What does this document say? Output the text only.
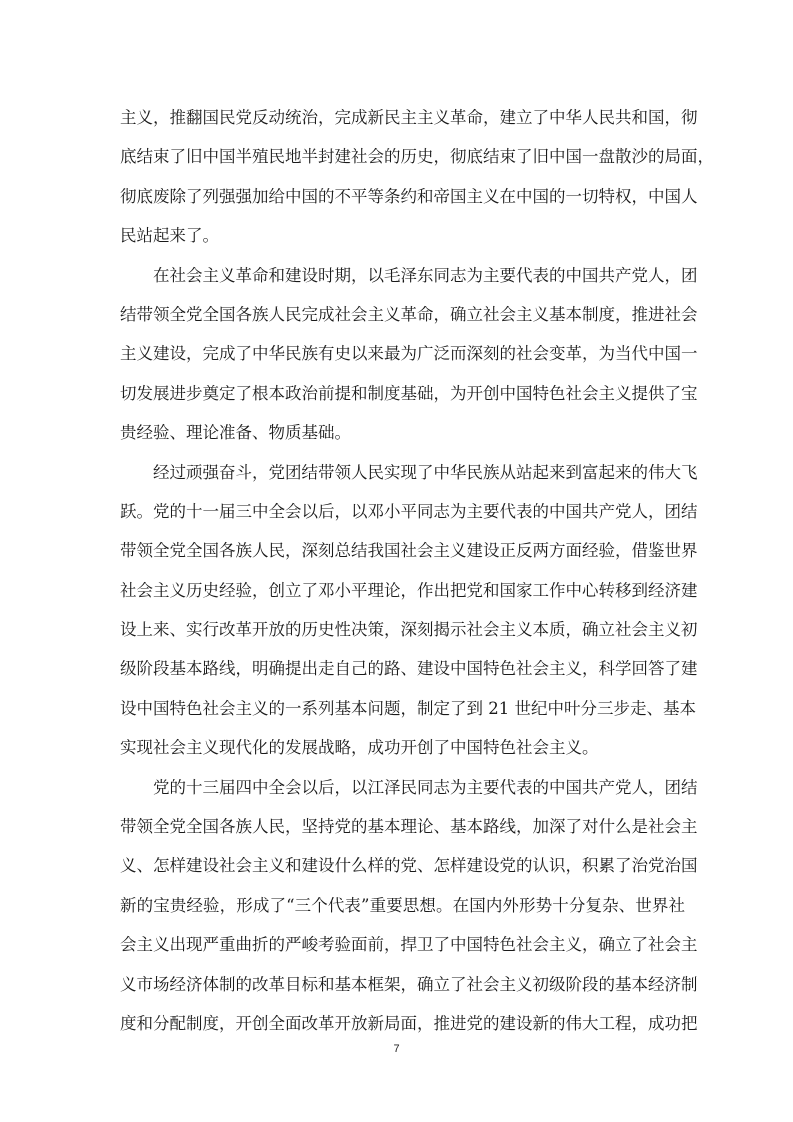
主义，推翻国民党反动统治，完成新民主主义革命，建立了中华人民共和国，彻
底结束了旧中国半殖民地半封建社会的历史，彻底结束了旧中国一盘散沙的局面，
彻底废除了列强强加给中国的不平等条约和帝国主义在中国的一切特权，中国人
民站起来了。
　　在社会主义革命和建设时期，以毛泽东同志为主要代表的中国共产党人，团
结带领全党全国各族人民完成社会主义革命，确立社会主义基本制度，推进社会
主义建设，完成了中华民族有史以来最为广泛而深刻的社会变革，为当代中国一
切发展进步奠定了根本政治前提和制度基础，为开创中国特色社会主义提供了宝
贵经验、理论准备、物质基础。
　　经过顽强奋斗，党团结带领人民实现了中华民族从站起来到富起来的伟大飞
跃。党的十一届三中全会以后，以邓小平同志为主要代表的中国共产党人，团结
带领全党全国各族人民，深刻总结我国社会主义建设正反两方面经验，借鉴世界
社会主义历史经验，创立了邓小平理论，作出把党和国家工作中心转移到经济建
设上来、实行改革开放的历史性决策，深刻揭示社会主义本质，确立社会主义初
级阶段基本路线，明确提出走自己的路、建设中国特色社会主义，科学回答了建
设中国特色社会主义的一系列基本问题，制定了到 21 世纪中叶分三步走、基本
实现社会主义现代化的发展战略，成功开创了中国特色社会主义。
　　党的十三届四中全会以后，以江泽民同志为主要代表的中国共产党人，团结
带领全党全国各族人民，坚持党的基本理论、基本路线，加深了对什么是社会主
义、怎样建设社会主义和建设什么样的党、怎样建设党的认识，积累了治党治国
新的宝贵经验，形成了“三个代表”重要思想。在国内外形势十分复杂、世界社
会主义出现严重曲折的严峻考验面前，捍卫了中国特色社会主义，确立了社会主
义市场经济体制的改革目标和基本框架，确立了社会主义初级阶段的基本经济制
度和分配制度，开创全面改革开放新局面，推进党的建设新的伟大工程，成功把
7
